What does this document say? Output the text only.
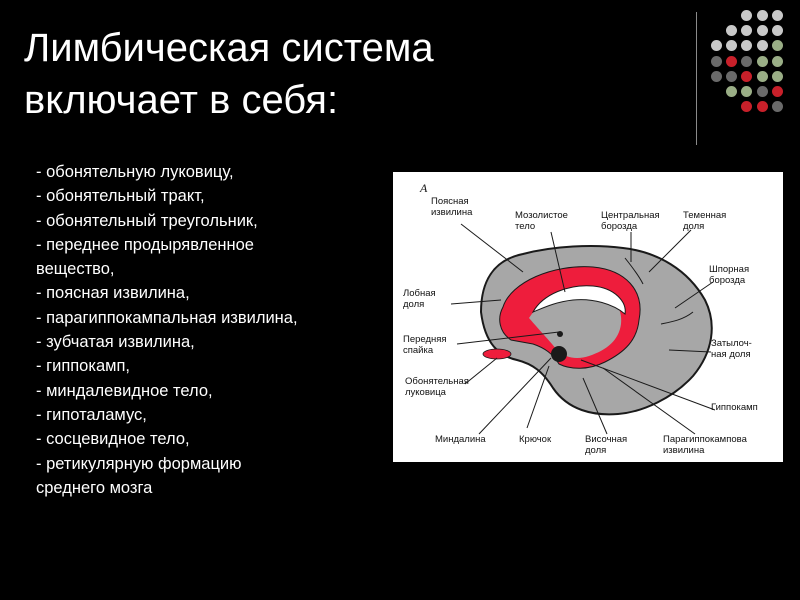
Лимбическая система
включает в себя:
- обонятельную луковицу,
- обонятельный тракт,
- обонятельный треугольник,
- переднее продырявленное
вещество,
- поясная извилина,
- парагиппокампальная извилина,
- зубчатая извилина,
- гиппокамп,
- миндалевидное тело,
- гипоталамус,
- сосцевидное тело,
- ретикулярную формацию
среднего мозга
А
Поясная извилина	Мозолистое тело
Центральная борозда
Теменная доля
Шпорная борозда
Лобная доля
Передняя спайка
Затылоч- ная доля
Обонятельная луковица
Гиппокамп
Миндалина	Крючок	Височная доля
Парагиппокампова извилина
